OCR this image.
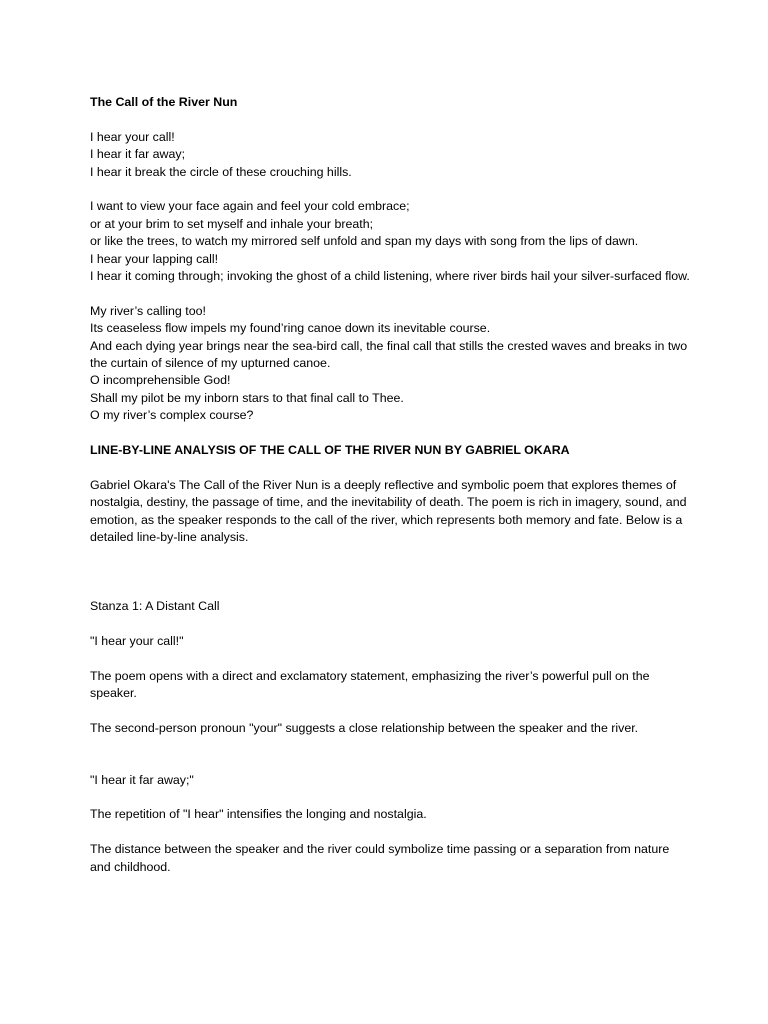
The Call of the River Nun

I hear your call!

I hear it far away;

I hear it break the circle of these crouching hills.

I want to view your face again and feel your cold embrace;

or at your brim to set myself and inhale your breath;

or like the trees, to watch my mirrored self unfold and span my days with song from the lips of dawn.

I hear your lapping call!

I hear it coming through; invoking the ghost of a child listening, where river birds hail your silver-surfaced flow.

My river’s calling too!

Its ceaseless flow impels my found’ring canoe down its inevitable course.

And each dying year brings near the sea-bird call, the final call that stills the crested waves and breaks in two the curtain of silence of my upturned canoe.

O incomprehensible God!

Shall my pilot be my inborn stars to that final call to Thee.

O my river’s complex course?

LINE-BY-LINE ANALYSIS OF THE CALL OF THE RIVER NUN BY GABRIEL OKARA

Gabriel Okara's The Call of the River Nun is a deeply reflective and symbolic poem that explores themes of nostalgia, destiny, the passage of time, and the inevitability of death. The poem is rich in imagery, sound, and emotion, as the speaker responds to the call of the river, which represents both memory and fate. Below is a detailed line-by-line analysis.

Stanza 1: A Distant Call

"I hear your call!"

The poem opens with a direct and exclamatory statement, emphasizing the river’s powerful pull on the speaker.

The second-person pronoun "your" suggests a close relationship between the speaker and the river.

"I hear it far away;"

The repetition of "I hear" intensifies the longing and nostalgia.

The distance between the speaker and the river could symbolize time passing or a separation from nature and childhood.
